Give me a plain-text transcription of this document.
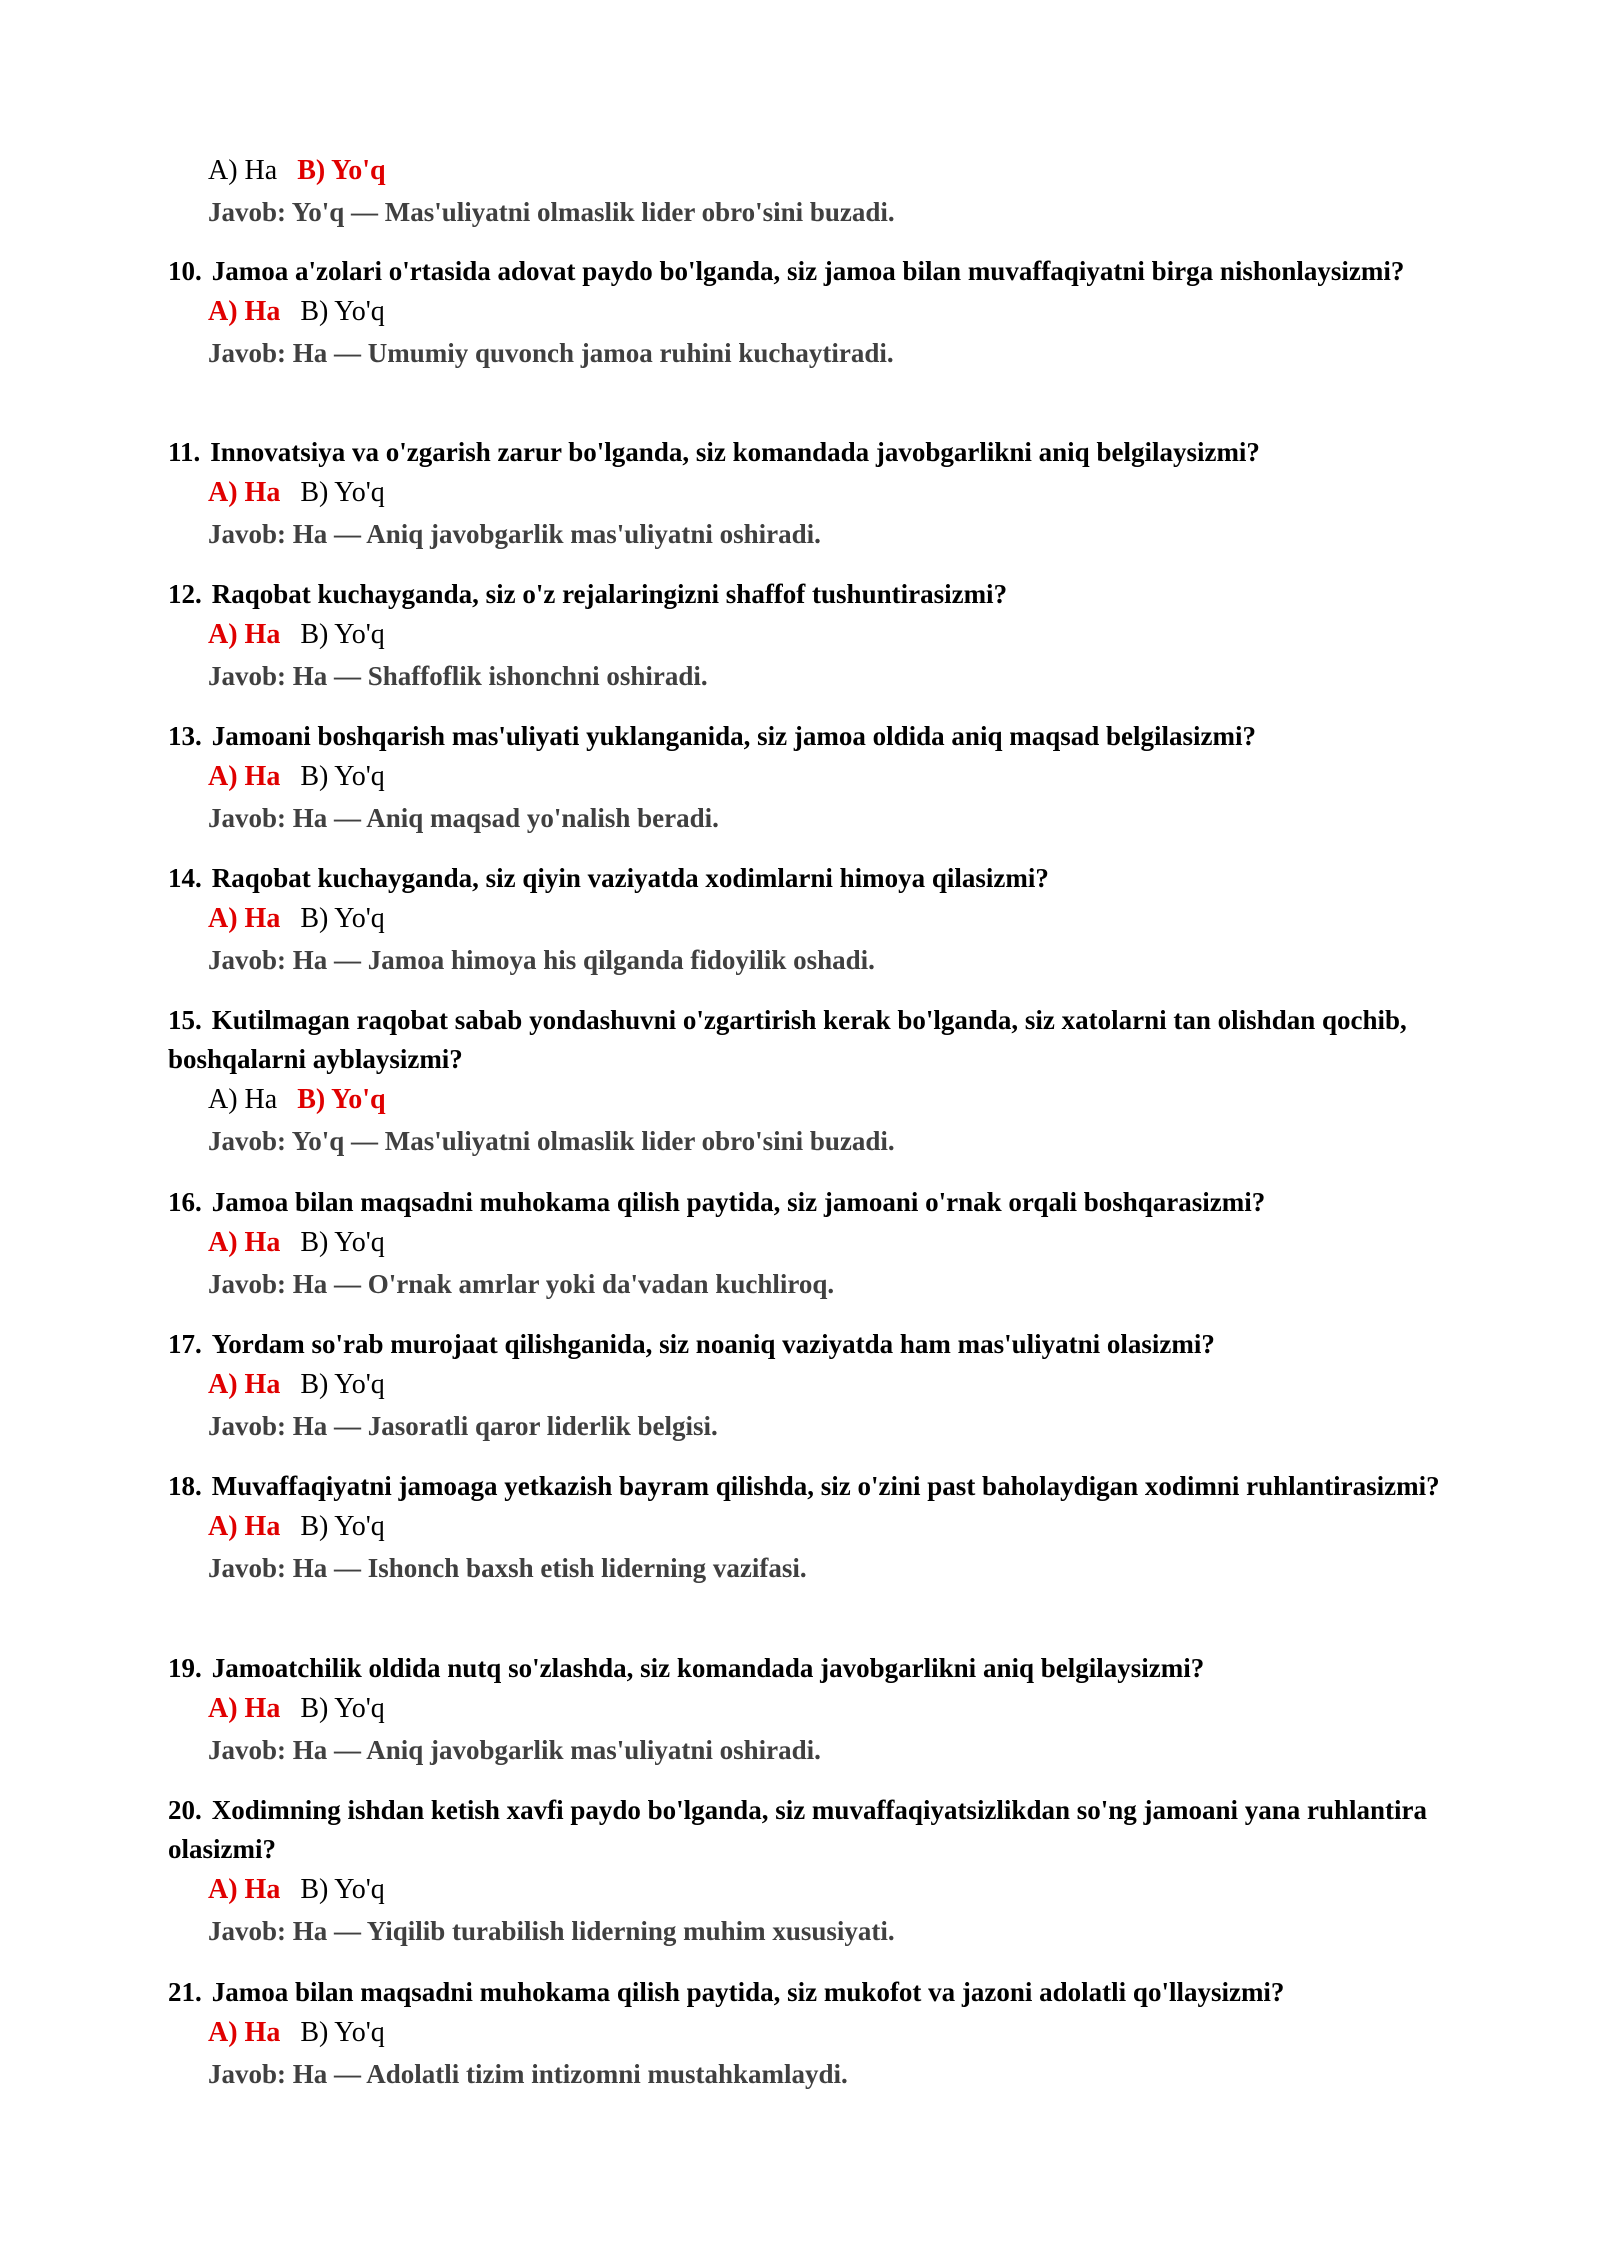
A) Ha B) Yo'q
Javob: Yo'q — Mas'uliyatni olmaslik lider obro'sini buzadi.

10. Jamoa a'zolari o'rtasida adovat paydo bo'lganda, siz jamoa bilan muvaffaqiyatni birga nishonlaysizmi?

A) Ha B) Yo'q
Javob: Ha — Umumiy quvonch jamoa ruhini kuchaytiradi.

11. Innovatsiya va o'zgarish zarur bo'lganda, siz komandada javobgarlikni aniq belgilaysizmi?

A) Ha B) Yo'q
Javob: Ha — Aniq javobgarlik mas'uliyatni oshiradi.

12. Raqobat kuchayganda, siz o'z rejalaringizni shaffof tushuntirasizmi?

A) Ha B) Yo'q
Javob: Ha — Shaffoflik ishonchni oshiradi.

13. Jamoani boshqarish mas'uliyati yuklanganida, siz jamoa oldida aniq maqsad belgilasizmi?

A) Ha B) Yo'q
Javob: Ha — Aniq maqsad yo'nalish beradi.

14. Raqobat kuchayganda, siz qiyin vaziyatda xodimlarni himoya qilasizmi?

A) Ha B) Yo'q
Javob: Ha — Jamoa himoya his qilganda fidoyilik oshadi.

15. Kutilmagan raqobat sabab yondashuvni o'zgartirish kerak bo'lganda, siz xatolarni tan olishdan qochib, boshqalarni ayblaysizmi?

A) Ha B) Yo'q
Javob: Yo'q — Mas'uliyatni olmaslik lider obro'sini buzadi.

16. Jamoa bilan maqsadni muhokama qilish paytida, siz jamoani o'rnak orqali boshqarasizmi?

A) Ha B) Yo'q
Javob: Ha — O'rnak amrlar yoki da'vadan kuchliroq.

17. Yordam so'rab murojaat qilishganida, siz noaniq vaziyatda ham mas'uliyatni olasizmi?

A) Ha B) Yo'q
Javob: Ha — Jasoratli qaror liderlik belgisi.

18. Muvaffaqiyatni jamoaga yetkazish bayram qilishda, siz o'zini past baholaydigan xodimni ruhlantirasizmi?

A) Ha B) Yo'q
Javob: Ha — Ishonch baxsh etish liderning vazifasi.

19. Jamoatchilik oldida nutq so'zlashda, siz komandada javobgarlikni aniq belgilaysizmi?

A) Ha B) Yo'q
Javob: Ha — Aniq javobgarlik mas'uliyatni oshiradi.

20. Xodimning ishdan ketish xavfi paydo bo'lganda, siz muvaffaqiyatsizlikdan so'ng jamoani yana ruhlantira olasizmi?

A) Ha B) Yo'q
Javob: Ha — Yiqilib turabilish liderning muhim xususiyati.

21. Jamoa bilan maqsadni muhokama qilish paytida, siz mukofot va jazoni adolatli qo'llaysizmi?

A) Ha B) Yo'q
Javob: Ha — Adolatli tizim intizomni mustahkamlaydi.
